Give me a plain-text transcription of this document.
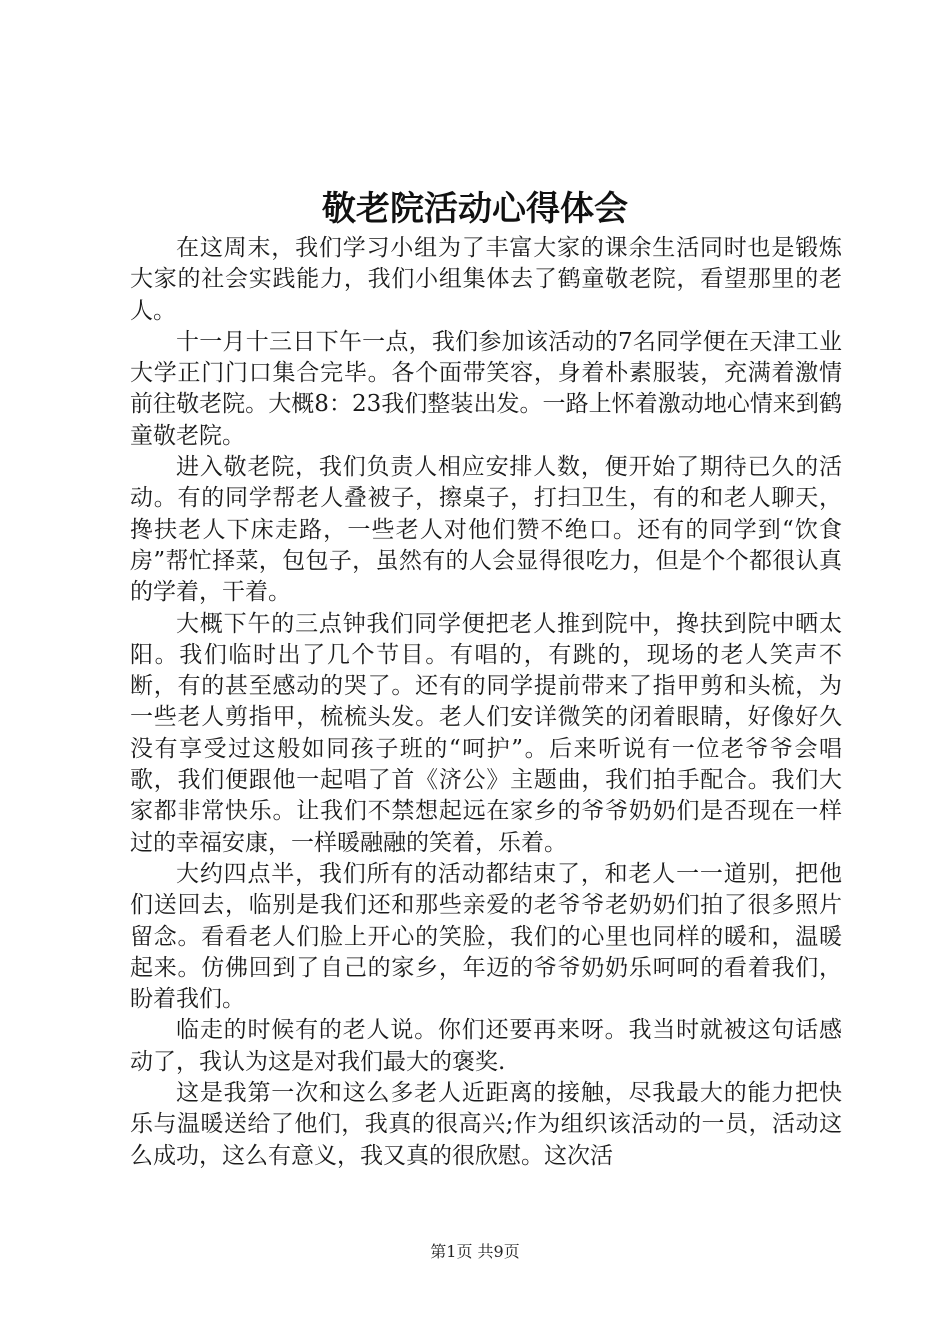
敬老院活动心得体会

在这周末，我们学习小组为了丰富大家的课余生活同时也是锻炼大家的社会实践能力，我们小组集体去了鹤童敬老院，看望那里的老人。

十一月十三日下午一点，我们参加该活动的7名同学便在天津工业大学正门门口集合完毕。各个面带笑容，身着朴素服装，充满着激情前往敬老院。大概8：23我们整装出发。一路上怀着激动地心情来到鹤童敬老院。

进入敬老院，我们负责人相应安排人数，便开始了期待已久的活动。有的同学帮老人叠被子，擦桌子，打扫卫生，有的和老人聊天，搀扶老人下床走路，一些老人对他们赞不绝口。还有的同学到“饮食房”帮忙择菜，包包子，虽然有的人会显得很吃力，但是个个都很认真的学着，干着。

大概下午的三点钟我们同学便把老人推到院中，搀扶到院中晒太阳。我们临时出了几个节目。有唱的，有跳的，现场的老人笑声不断，有的甚至感动的哭了。还有的同学提前带来了指甲剪和头梳，为一些老人剪指甲，梳梳头发。老人们安详微笑的闭着眼睛，好像好久没有享受过这般如同孩子班的“呵护”。后来听说有一位老爷爷会唱歌，我们便跟他一起唱了首《济公》主题曲，我们拍手配合。我们大家都非常快乐。让我们不禁想起远在家乡的爷爷奶奶们是否现在一样过的幸福安康，一样暖融融的笑着，乐着。

大约四点半，我们所有的活动都结束了，和老人一一道别，把他们送回去，临别是我们还和那些亲爱的老爷爷老奶奶们拍了很多照片留念。看看老人们脸上开心的笑脸，我们的心里也同样的暖和，温暖起来。仿佛回到了自己的家乡，年迈的爷爷奶奶乐呵呵的看着我们，盼着我们。

临走的时候有的老人说。你们还要再来呀。我当时就被这句话感动了，我认为这是对我们最大的褒奖.

这是我第一次和这么多老人近距离的接触，尽我最大的能力把快乐与温暖送给了他们，我真的很高兴;作为组织该活动的一员，活动这么成功，这么有意义，我又真的很欣慰。这次活

第1页 共9页
